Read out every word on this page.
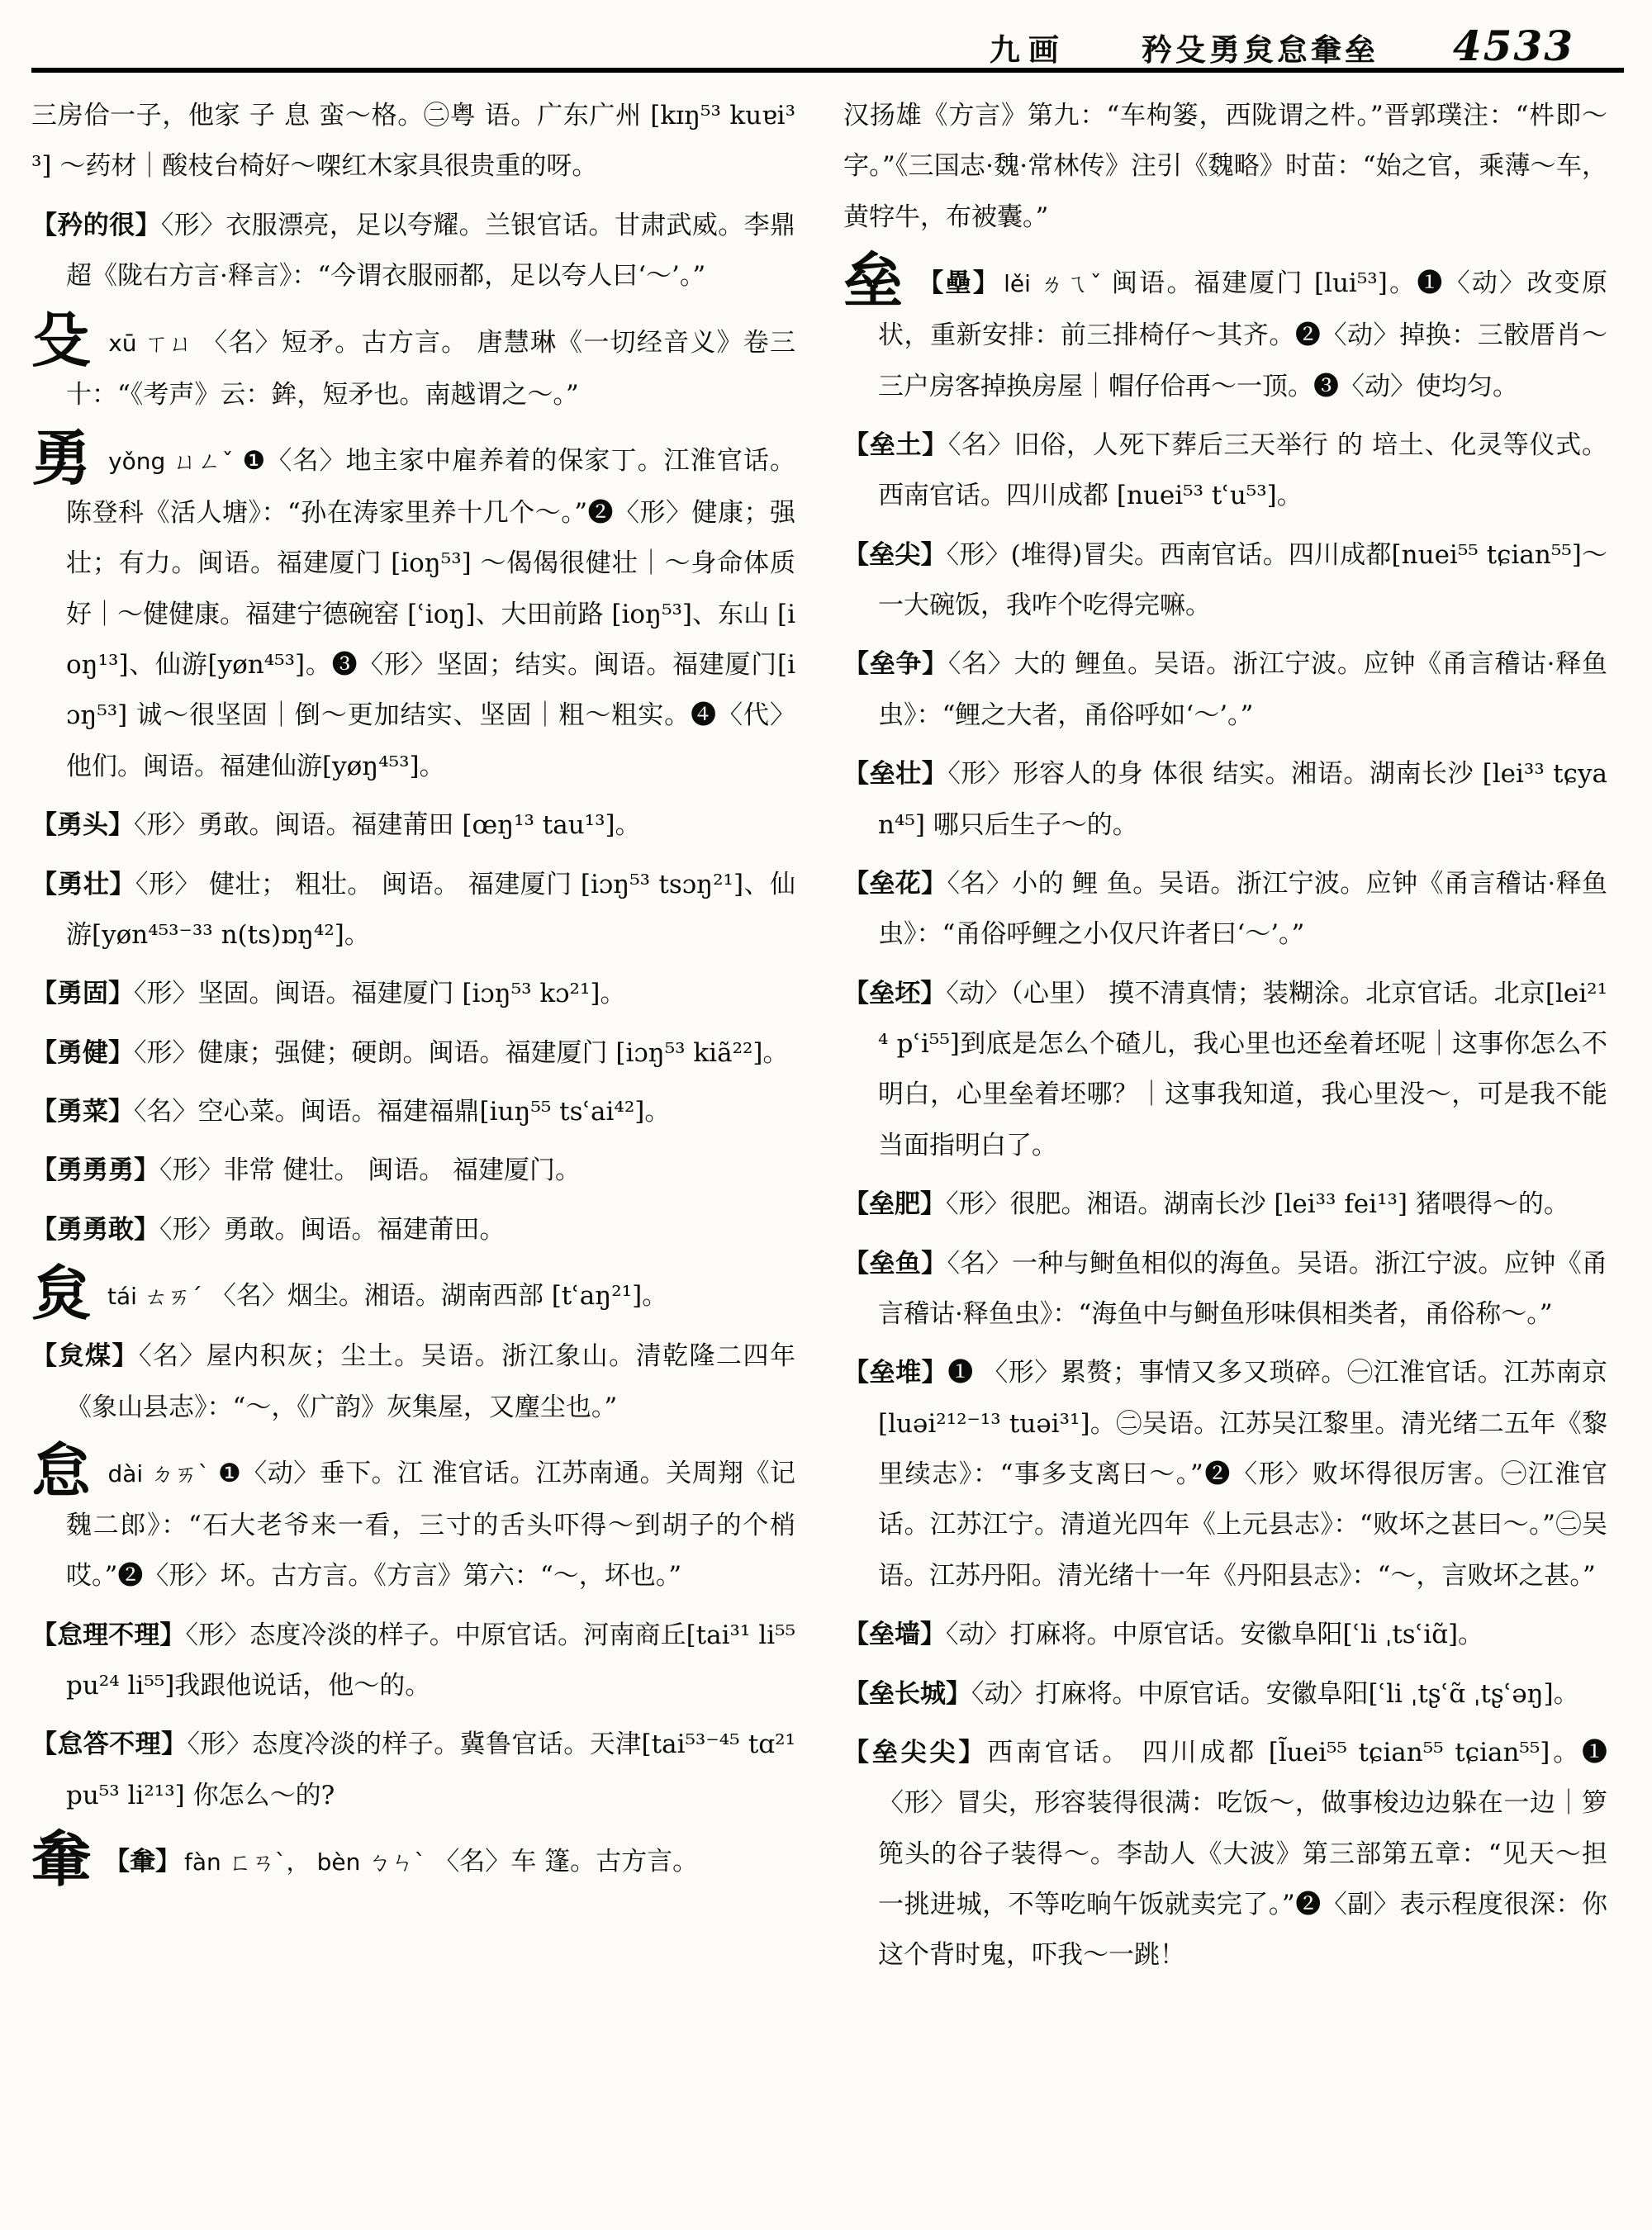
九画 矜殳勇炱怠軬垒 4533

三房佮一子，他家 子 息 蛮～格。㊁粤 语。广东广州 [kɪŋ⁵³ kuɐi³³] ～药材｜酸枝台椅好～㗎红木家具很贵重的呀。

【矜的很】〈形〉衣服漂亮，足以夸耀。兰银官话。甘肃武威。李鼎超《陇右方言·释言》：“今谓衣服丽都，足以夸人曰‘～’。”

殳xū ㄒㄩ 〈名〉短矛。古方言。 唐慧琳《一切经音义》卷三十：“《考声》云：鉾，短矛也。南越谓之～。”

勇yǒng ㄩㄥˇ ❶〈名〉地主家中雇养着的保家丁。江淮官话。陈登科《活人塘》：“孙在涛家里养十几个～。”❷〈形〉健康；强壮；有力。闽语。福建厦门 [ioŋ⁵³] ～偈偈很健壮｜～身命体质好｜～健健康。福建宁德碗窑 [ʿioŋ]、大田前路 [ioŋ⁵³]、东山 [ioŋ¹³]、仙游[yøn⁴⁵³]。❸〈形〉坚固；结实。闽语。福建厦门[iɔŋ⁵³] 诚～很坚固｜倒～更加结实、坚固｜粗～粗实。❹〈代〉他们。闽语。福建仙游[yøŋ⁴⁵³]。

【勇头】〈形〉勇敢。闽语。福建莆田 [œŋ¹³ tau¹³]。

【勇壮】〈形〉 健壮； 粗壮。 闽语。 福建厦门 [iɔŋ⁵³ tsɔŋ²¹]、仙游[yøn⁴⁵³⁻³³ n(ts)ɒŋ⁴²]。

【勇固】〈形〉坚固。闽语。福建厦门 [iɔŋ⁵³ kɔ²¹]。

【勇健】〈形〉健康；强健；硬朗。闽语。福建厦门 [iɔŋ⁵³ kiã²²]。

【勇菜】〈名〉空心菜。闽语。福建福鼎[iuŋ⁵⁵ tsʿai⁴²]。

【勇勇勇】〈形〉非常 健壮。 闽语。 福建厦门。

【勇勇敢】〈形〉勇敢。闽语。福建莆田。

炱tái ㄊㄞˊ 〈名〉烟尘。湘语。湖南西部 [tʿaŋ²¹]。

【炱煤】〈名〉屋内积灰；尘土。吴语。浙江象山。清乾隆二四年《象山县志》：“～，《广韵》灰集屋，又麈尘也。”

怠dài ㄉㄞˋ ❶〈动〉垂下。江 淮官话。江苏南通。关周翔《记魏二郎》：“石大老爷来一看，三寸的舌头吓得～到胡子的个梢哎。”❷〈形〉坏。古方言。《方言》第六：“～，坏也。”

【怠理不理】〈形〉态度冷淡的样子。中原官话。河南商丘[tai³¹ li⁵⁵ pu²⁴ li⁵⁵]我跟他说话，他～的。

【怠答不理】〈形〉态度冷淡的样子。冀鲁官话。天津[tai⁵³⁻⁴⁵ tɑ²¹ pu⁵³ li²¹³] 你怎么～的?

軬 【軬】 fàn ㄈㄢˋ， bèn ㄅㄣˋ 〈名〉车 篷。古方言。

汉扬雄《方言》第九：“车枸篓，西陇谓之㭌。”晋郭璞注：“㭌即～字。”《三国志·魏·常林传》注引《魏略》时苗：“始之官，乘薄～车，黄牸牛，布被囊。”

垒 【壘】 lěi ㄌㄟˇ 闽语。福建厦门 [lui⁵³]。❶〈动〉改变原状，重新安排：前三排椅仔～其齐。❷〈动〉掉换：三骹厝肖～三户房客掉换房屋｜帽仔佮再～一顶。❸〈动〉使均匀。

【垒土】〈名〉旧俗，人死下葬后三天举行 的 培土、化灵等仪式。西南官话。四川成都 [nuei⁵³ tʿu⁵³]。

【垒尖】〈形〉(堆得)冒尖。西南官话。四川成都[nuei⁵⁵ tɕian⁵⁵]～一大碗饭，我咋个吃得完嘛。

【垒争】〈名〉大的 鲤鱼。吴语。浙江宁波。应钟《甬言稽诂·释鱼虫》：“鲤之大者，甬俗呼如‘～’。”

【垒壮】〈形〉形容人的身 体很 结实。湘语。湖南长沙 [lei³³ tɕyan⁴⁵] 哪只后生子～的。

【垒花】〈名〉小的 鲤 鱼。吴语。浙江宁波。应钟《甬言稽诂·释鱼虫》：“甬俗呼鲤之小仅尺许者曰‘～’。”

【垒坯】〈动〉（心里） 摸不清真情；装糊涂。北京官话。北京[lei²¹⁴ pʿi⁵⁵]到底是怎么个碴儿，我心里也还垒着坯呢｜这事你怎么不明白，心里垒着坯哪？｜这事我知道，我心里没～，可是我不能当面指明白了。

【垒肥】〈形〉很肥。湘语。湖南长沙 [lei³³ fei¹³] 猪喂得～的。

【垒鱼】〈名〉一种与鲥鱼相似的海鱼。吴语。浙江宁波。应钟《甬言稽诂·释鱼虫》：“海鱼中与鲥鱼形味俱相类者，甬俗称～。”

【垒堆】❶ 〈形〉累赘；事情又多又琐碎。㊀江淮官话。江苏南京[luəi²¹²⁻¹³ tuəi³¹]。㊁吴语。江苏吴江黎里。清光绪二五年《黎里续志》：“事多支离曰～。”❷〈形〉败坏得很厉害。㊀江淮官话。江苏江宁。清道光四年《上元县志》：“败坏之甚曰～。”㊁吴语。江苏丹阳。清光绪十一年《丹阳县志》：“～，言败坏之甚。”

【垒墙】〈动〉打麻将。中原官话。安徽阜阳[ʿli ˌtsʿiɑ̃]。

【垒长城】〈动〉打麻将。中原官话。安徽阜阳[ʿli ˌtʂʿɑ̃ ˌtʂʿəŋ]。

【垒尖尖】西南官话。 四川成都 [l̃uei⁵⁵ tɕian⁵⁵ tɕian⁵⁵]。❶〈形〉冒尖，形容装得很满：吃饭～，做事梭边边躲在一边｜箩篼头的谷子装得～。李劼人《大波》第三部第五章：“见天～担一挑进城，不等吃晌午饭就卖完了。”❷〈副〉表示程度很深：你这个背时鬼，吓我～一跳！
